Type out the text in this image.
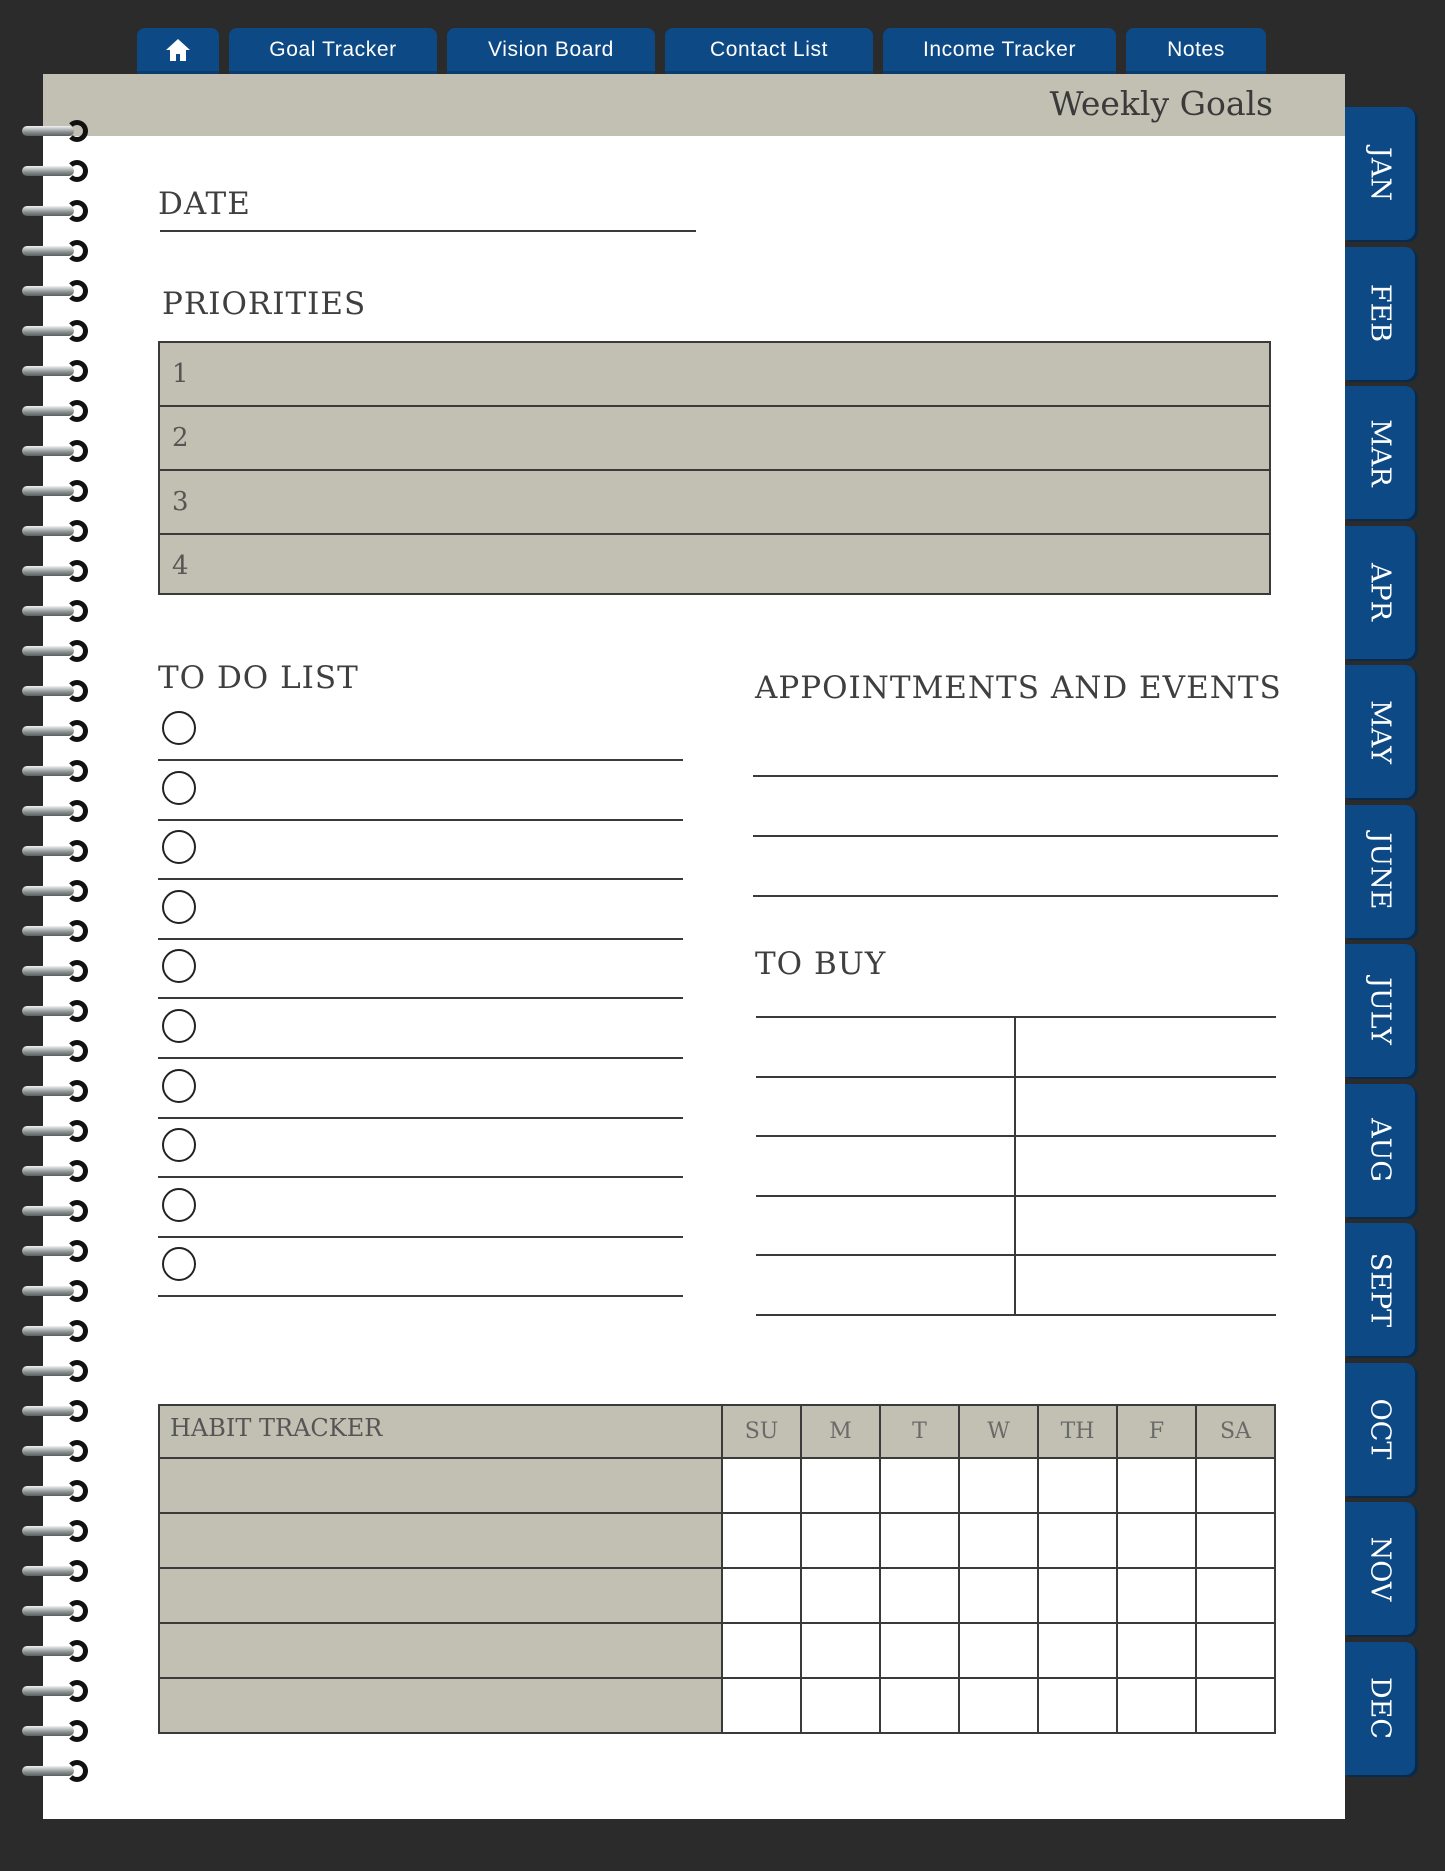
Goal Tracker	Vision Board	Contact List	Income Tracker	Notes
JAN
FEB
MAR
APR
MAY
JUNE
JULY
AUG
SEPT
OCT
NOV
DEC
Weekly Goals
DATE
PRIORITIES
1
2
3
4
TO DO LIST	APPOINTMENTS AND EVENTS
TO BUY
HABIT TRACKER	SU	M	T	W	TH	F	SA
